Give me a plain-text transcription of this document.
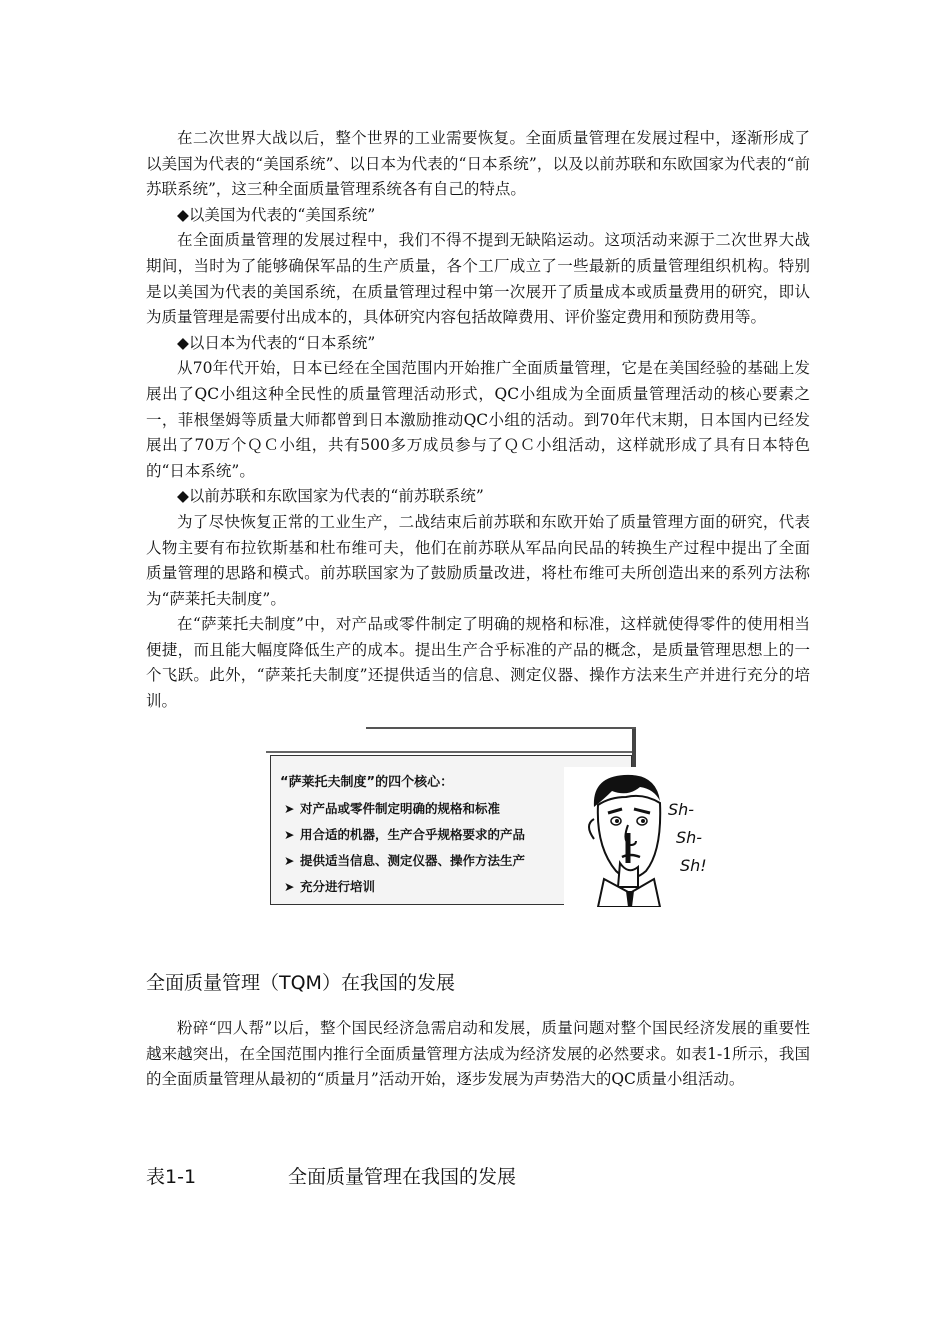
在二次世界大战以后，整个世界的工业需要恢复。全面质量管理在发展过程中，逐渐形成了以美国为代表的“美国系统”、以日本为代表的“日本系统”，以及以前苏联和东欧国家为代表的“前苏联系统”，这三种全面质量管理系统各有自己的特点。

◆以美国为代表的“美国系统”

在全面质量管理的发展过程中，我们不得不提到无缺陷运动。这项活动来源于二次世界大战期间，当时为了能够确保军品的生产质量，各个工厂成立了一些最新的质量管理组织机构。特别是以美国为代表的美国系统，在质量管理过程中第一次展开了质量成本或质量费用的研究，即认为质量管理是需要付出成本的，具体研究内容包括故障费用、评价鉴定费用和预防费用等。

◆以日本为代表的“日本系统”

从70年代开始，日本已经在全国范围内开始推广全面质量管理，它是在美国经验的基础上发展出了QC小组这种全民性的质量管理活动形式，QC小组成为全面质量管理活动的核心要素之一，菲根堡姆等质量大师都曾到日本激励推动QC小组的活动。到70年代末期，日本国内已经发展出了70万个ＱＣ小组，共有500多万成员参与了ＱＣ小组活动，这样就形成了具有日本特色的“日本系统”。

◆以前苏联和东欧国家为代表的“前苏联系统”

为了尽快恢复正常的工业生产，二战结束后前苏联和东欧开始了质量管理方面的研究，代表人物主要有布拉钦斯基和杜布维可夫，他们在前苏联从军品向民品的转换生产过程中提出了全面质量管理的思路和模式。前苏联国家为了鼓励质量改进，将杜布维可夫所创造出来的系列方法称为“萨莱托夫制度”。

在“萨莱托夫制度”中，对产品或零件制定了明确的规格和标准，这样就使得零件的使用相当便捷，而且能大幅度降低生产的成本。提出生产合乎标准的产品的概念，是质量管理思想上的一个飞跃。此外，“萨莱托夫制度”还提供适当的信息、测定仪器、操作方法来生产并进行充分的培训。

“萨莱托夫制度”的四个核心：
➤ 对产品或零件制定明确的规格和标准
➤ 用合适的机器，生产合乎规格要求的产品
➤ 提供适当信息、测定仪器、操作方法生产
➤ 充分进行培训
Sh-
Sh-
Sh!
全面质量管理（TQM）在我国的发展

粉碎“四人帮”以后，整个国民经济急需启动和发展，质量问题对整个国民经济发展的重要性越来越突出，在全国范围内推行全面质量管理方法成为经济发展的必然要求。如表1-1所示，我国的全面质量管理从最初的“质量月”活动开始，逐步发展为声势浩大的QC质量小组活动。

表1-1	全面质量管理在我国的发展
